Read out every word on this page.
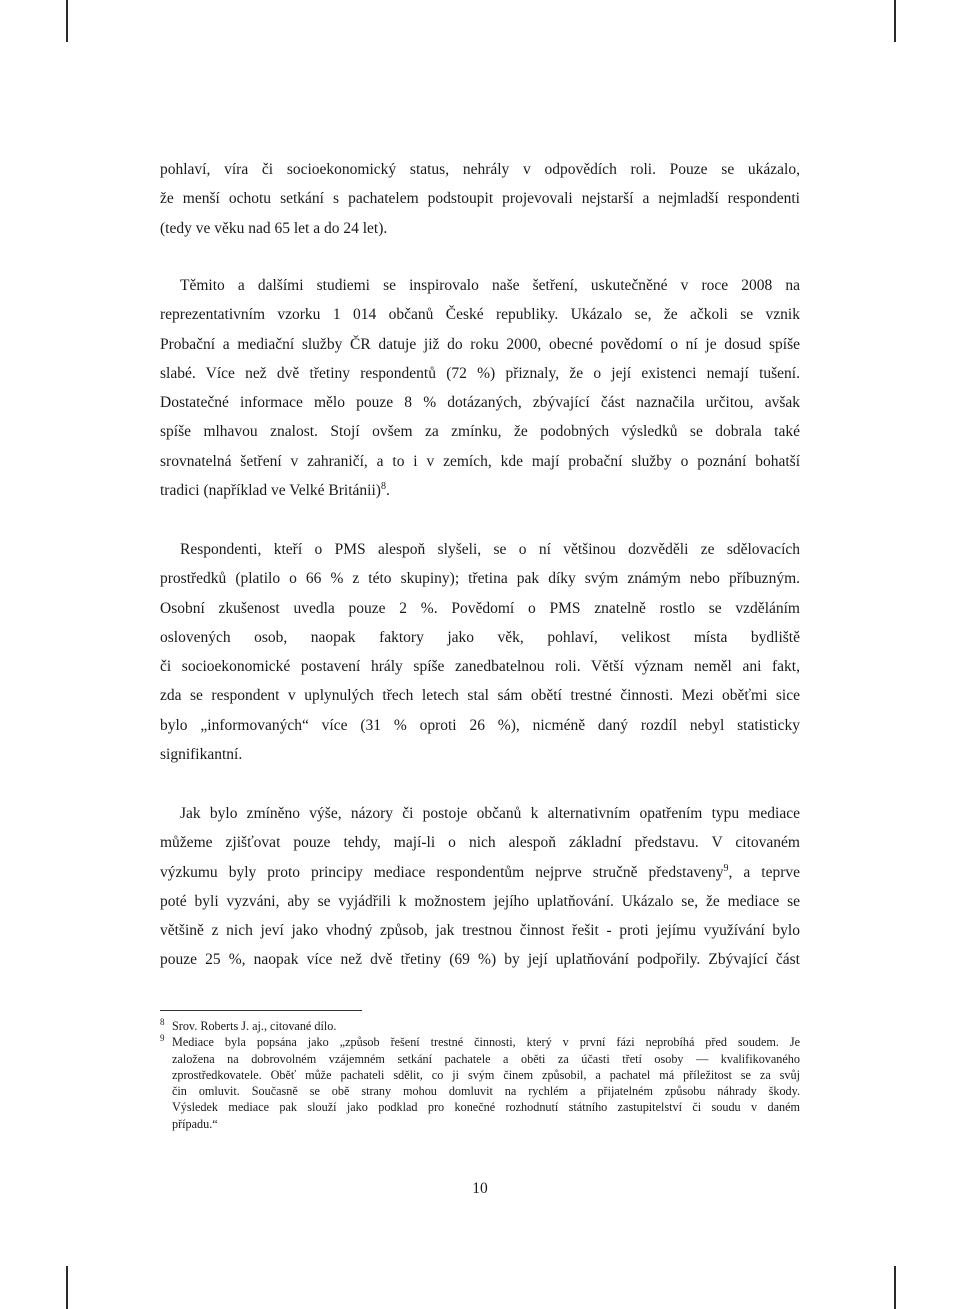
pohlaví, víra či socioekonomický status, nehrály v odpovědích roli. Pouze se ukázalo,
že menší ochotu setkání s pachatelem podstoupit projevovali nejstarší a nejmladší respondenti
(tedy ve věku nad 65 let a do 24 let).
Těmito a dalšími studiemi se inspirovalo naše šetření, uskutečněné v roce 2008 na
reprezentativním vzorku 1 014 občanů České republiky. Ukázalo se, že ačkoli se vznik
Probační a mediační služby ČR datuje již do roku 2000, obecné povědomí o ní je dosud spíše
slabé. Více než dvě třetiny respondentů (72 %) přiznaly, že o její existenci nemají tušení.
Dostatečné informace mělo pouze 8 % dotázaných, zbývající část naznačila určitou, avšak
spíše mlhavou znalost. Stojí ovšem za zmínku, že podobných výsledků se dobrala také
srovnatelná šetření v zahraničí, a to i v zemích, kde mají probační služby o poznání bohatší
tradici (například ve Velké Británii)$^8$.
Respondenti, kteří o PMS alespoň slyšeli, se o ní většinou dozvěděli ze sdělovacích
prostředků (platilo o 66 % z této skupiny); třetina pak díky svým známým nebo příbuzným.
Osobní zkušenost uvedla pouze 2 %. Povědomí o PMS znatelně rostlo se vzděláním
oslovených osob, naopak faktory jako věk, pohlaví, velikost místa bydliště
či socioekonomické postavení hrály spíše zanedbatelnou roli. Větší význam neměl ani fakt,
zda se respondent v uplynulých třech letech stal sám obětí trestné činnosti. Mezi oběťmi sice
bylo „informovaných“ více (31 % oproti 26 %), nicméně daný rozdíl nebyl statisticky
signifikantní.
Jak bylo zmíněno výše, názory či postoje občanů k alternativním opatřením typu mediace
můžeme zjišťovat pouze tehdy, mají-li o nich alespoň základní představu. V citovaném
výzkumu byly proto principy mediace respondentům nejprve stručně představeny$^9$, a teprve
poté byli vyzváni, aby se vyjádřili k možnostem jejího uplatňování. Ukázalo se, že mediace se
většině z nich jeví jako vhodný způsob, jak trestnou činnost řešit - proti jejímu využívání bylo
pouze 25 %, naopak více než dvě třetiny (69 %) by její uplatňování podpořily. Zbývající část
8 Srov. Roberts J. aj., citované dílo.
9 Mediace byla popsána jako „způsob řešení trestné činnosti, který v první fázi neprobíhá před soudem. Je
založena na dobrovolném vzájemném setkání pachatele a oběti za účasti třetí osoby — kvalifikovaného
zprostředkovatele. Oběť může pachateli sdělit, co ji svým činem způsobil, a pachatel má příležitost se za svůj
čin omluvit. Současně se obě strany mohou domluvit na rychlém a přijatelném způsobu náhrady škody.
Výsledek mediace pak slouží jako podklad pro konečné rozhodnutí státního zastupitelství či soudu v daném
případu.“
10
